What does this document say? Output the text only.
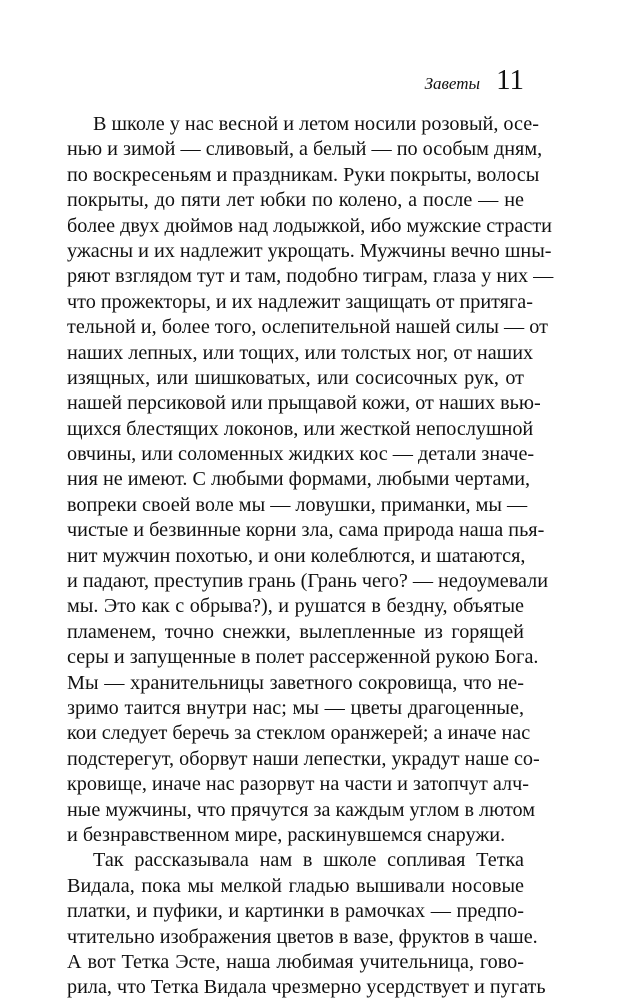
Заветы 11
В школе у нас весной и летом носили розовый, осе-
нью и зимой — сливовый, а белый — по особым дням,
по воскресеньям и праздникам. Руки покрыты, волосы
покрыты, до пяти лет юбки по колено, а после — не
более двух дюймов над лодыжкой, ибо мужские страсти
ужасны и их надлежит укрощать. Мужчины вечно шны-
ряют взглядом тут и там, подобно тиграм, глаза у них —
что прожекторы, и их надлежит защищать от притяга-
тельной и, более того, ослепительной нашей силы — от
наших лепных, или тощих, или толстых ног, от наших
изящных, или шишковатых, или сосисочных рук, от
нашей персиковой или прыщавой кожи, от наших вью-
щихся блестящих локонов, или жесткой непослушной
овчины, или соломенных жидких кос — детали значе-
ния не имеют. С любыми формами, любыми чертами,
вопреки своей воле мы — ловушки, приманки, мы —
чистые и безвинные корни зла, сама природа наша пья-
нит мужчин похотью, и они колеблются, и шатаются,
и падают, преступив грань (Грань чего? — недоумевали
мы. Это как с обрыва?), и рушатся в бездну, объятые
пламенем, точно снежки, вылепленные из горящей
серы и запущенные в полет рассерженной рукою Бога.
Мы — хранительницы заветного сокровища, что не-
зримо таится внутри нас; мы — цветы драгоценные,
кои следует беречь за стеклом оранжерей; а иначе нас
подстерегут, оборвут наши лепестки, украдут наше со-
кровище, иначе нас разорвут на части и затопчут алч-
ные мужчины, что прячутся за каждым углом в лютом
и безнравственном мире, раскинувшемся снаружи.
Так рассказывала нам в школе сопливая Тетка
Видала, пока мы мелкой гладью вышивали носовые
платки, и пуфики, и картинки в рамочках — предпо-
чтительно изображения цветов в вазе, фруктов в чаше.
А вот Тетка Эсте, наша любимая учительница, гово-
рила, что Тетка Видала чрезмерно усердствует и пугать
